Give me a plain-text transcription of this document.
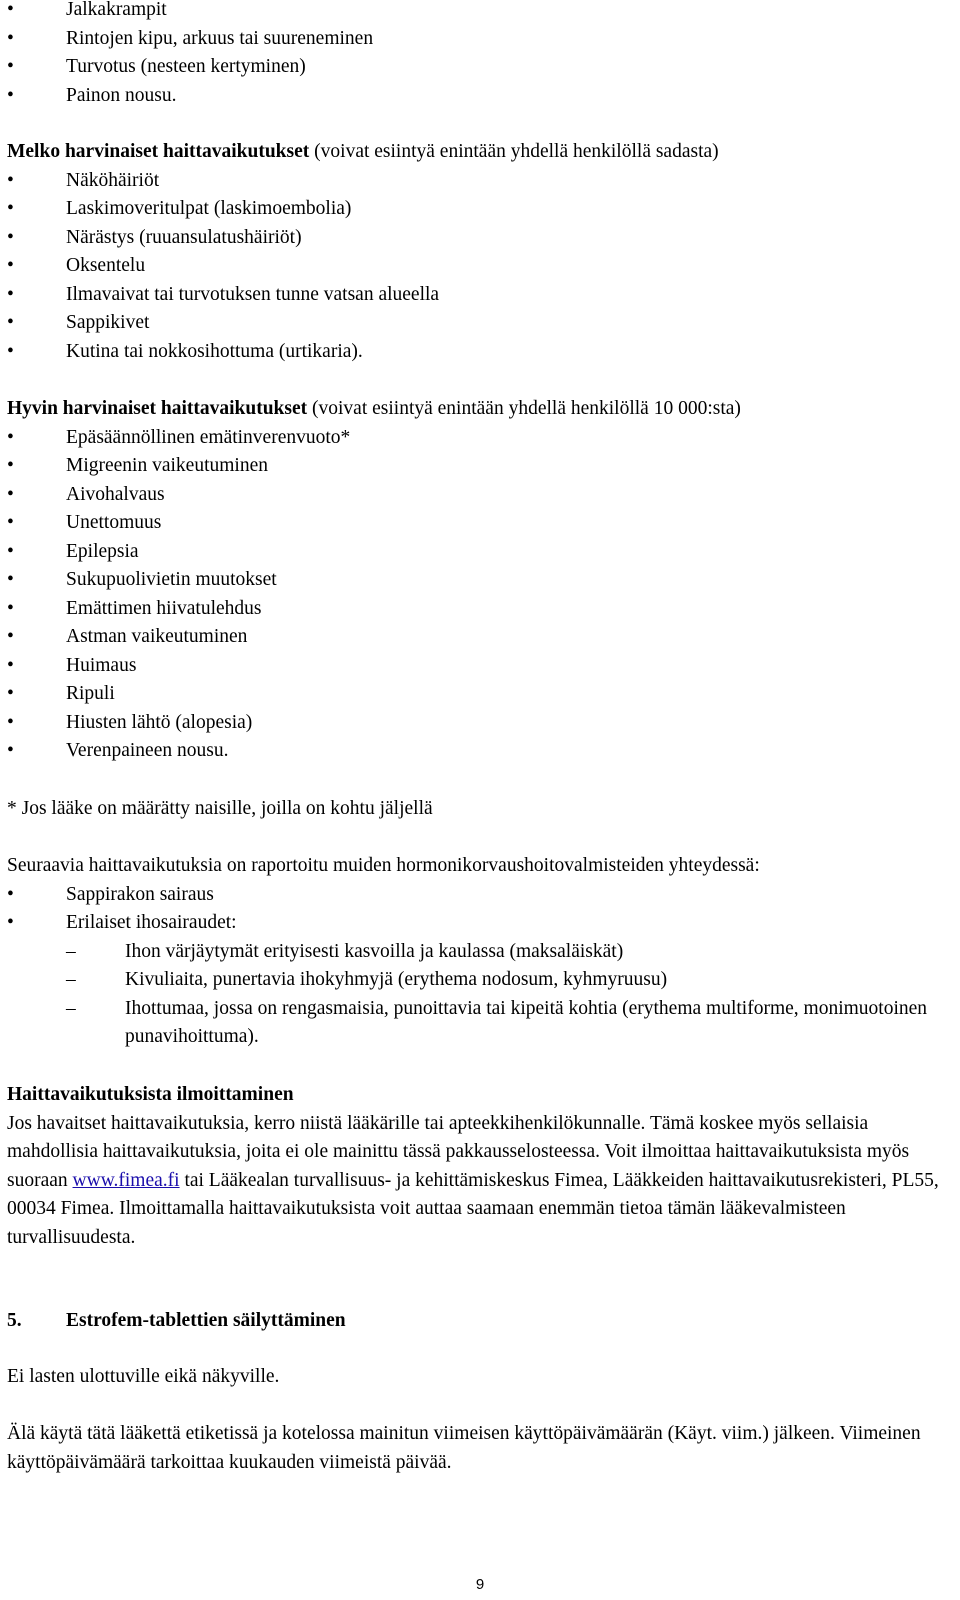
•	Jalkakrampit
•	Rintojen kipu, arkuus tai suureneminen
•	Turvotus (nesteen kertyminen)
•	Painon nousu.
Melko harvinaiset haittavaikutukset (voivat esiintyä enintään yhdellä henkilöllä sadasta)
•	Näköhäiriöt
•	Laskimoveritulpat (laskimoembolia)
•	Närästys (ruuansulatushäiriöt)
•	Oksentelu
•	Ilmavaivat tai turvotuksen tunne vatsan alueella
•	Sappikivet
•	Kutina tai nokkosihottuma (urtikaria).
Hyvin harvinaiset haittavaikutukset (voivat esiintyä enintään yhdellä henkilöllä 10 000:sta)
•	Epäsäännöllinen emätinverenvuoto*
•	Migreenin vaikeutuminen
•	Aivohalvaus
•	Unettomuus
•	Epilepsia
•	Sukupuolivietin muutokset
•	Emättimen hiivatulehdus
•	Astman vaikeutuminen
•	Huimaus
•	Ripuli
•	Hiusten lähtö (alopesia)
•	Verenpaineen nousu.
* Jos lääke on määrätty naisille, joilla on kohtu jäljellä
Seuraavia haittavaikutuksia on raportoitu muiden hormonikorvaushoitovalmisteiden yhteydessä:
•	Sappirakon sairaus
•	Erilaiset ihosairaudet:
–	Ihon värjäytymät erityisesti kasvoilla ja kaulassa (maksaläiskät)
–	Kivuliaita, punertavia ihokyhmyjä (erythema nodosum, kyhmyruusu)
–	Ihottumaa, jossa on rengasmaisia, punoittavia tai kipeitä kohtia (erythema multiforme, monimuotoinen punavihoittuma).
Haittavaikutuksista ilmoittaminen
Jos havaitset haittavaikutuksia, kerro niistä lääkärille tai apteekkihenkilökunnalle. Tämä koskee myös sellaisia mahdollisia haittavaikutuksia, joita ei ole mainittu tässä pakkausselosteessa. Voit ilmoittaa haittavaikutuksista myös suoraan www.fimea.fi tai Lääkealan turvallisuus- ja kehittämiskeskus Fimea, Lääkkeiden haittavaikutusrekisteri, PL55, 00034 Fimea. Ilmoittamalla haittavaikutuksista voit auttaa saamaan enemmän tietoa tämän lääkevalmisteen turvallisuudesta.
5. Estrofem-tablettien säilyttäminen
Ei lasten ulottuville eikä näkyville.
Älä käytä tätä lääkettä etiketissä ja kotelossa mainitun viimeisen käyttöpäivämäärän (Käyt. viim.) jälkeen. Viimeinen käyttöpäivämäärä tarkoittaa kuukauden viimeistä päivää.
9
